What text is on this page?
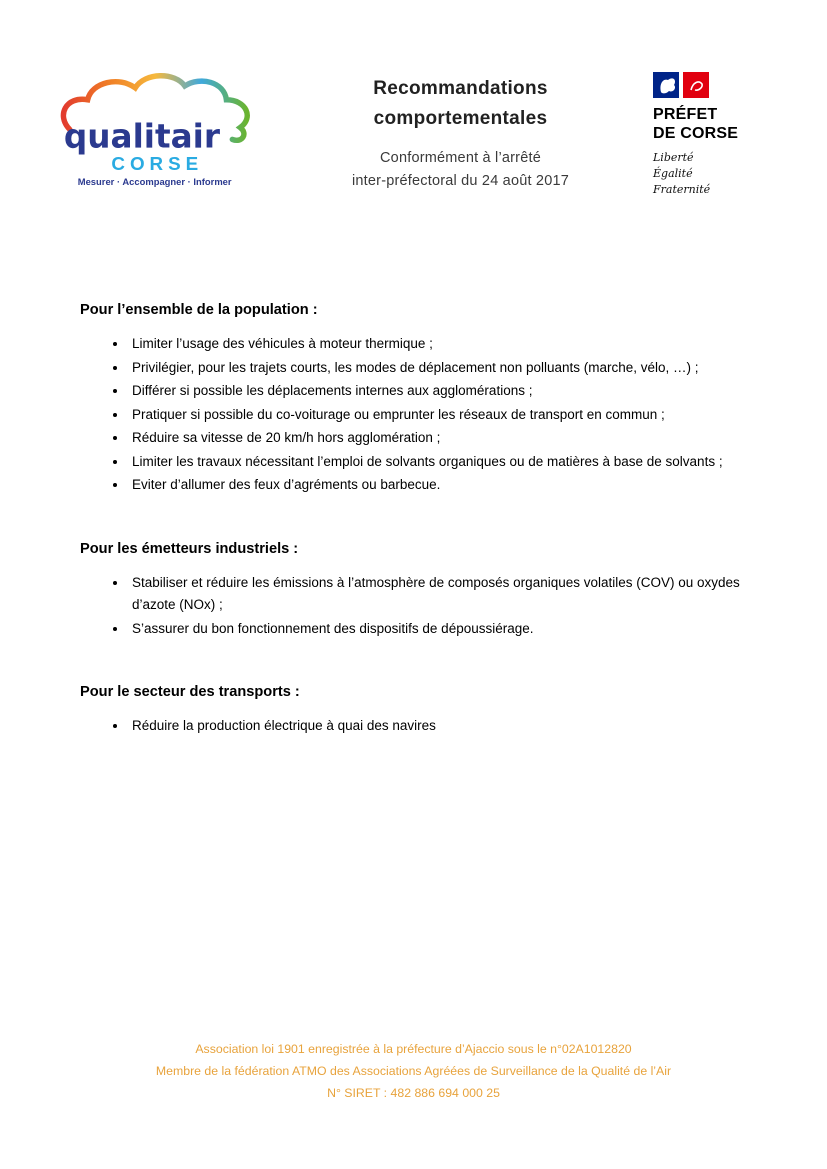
qualitair
CORSE
Mesurer · Accompagner · Informer
Recommandations
comportementales
Conformément à l’arrêté
inter-préfectoral du 24 août 2017
PRÉFET
DE CORSE
Liberté
Égalité
Fraternité
Pour l’ensemble de la population :
• Limiter l’usage des véhicules à moteur thermique ;
• Privilégier, pour les trajets courts, les modes de déplacement non polluants (marche, vélo, …) ;
• Différer si possible les déplacements internes aux agglomérations ;
• Pratiquer si possible du co-voiturage ou emprunter les réseaux de transport en commun ;
• Réduire sa vitesse de 20 km/h hors agglomération ;
• Limiter les travaux nécessitant l’emploi de solvants organiques ou de matières à base de solvants ;
• Eviter d’allumer des feux d’agréments ou barbecue.
Pour les émetteurs industriels :
• Stabiliser et réduire les émissions à l’atmosphère de composés organiques volatiles (COV) ou oxydes d’azote (NOx) ;
• S’assurer du bon fonctionnement des dispositifs de dépoussiérage.
Pour le secteur des transports :
• Réduire la production électrique à quai des navires
Association loi 1901 enregistrée à la préfecture d’Ajaccio sous le n°02A1012820
Membre de la fédération ATMO des Associations Agréées de Surveillance de la Qualité de l’Air
N° SIRET : 482 886 694 000 25
